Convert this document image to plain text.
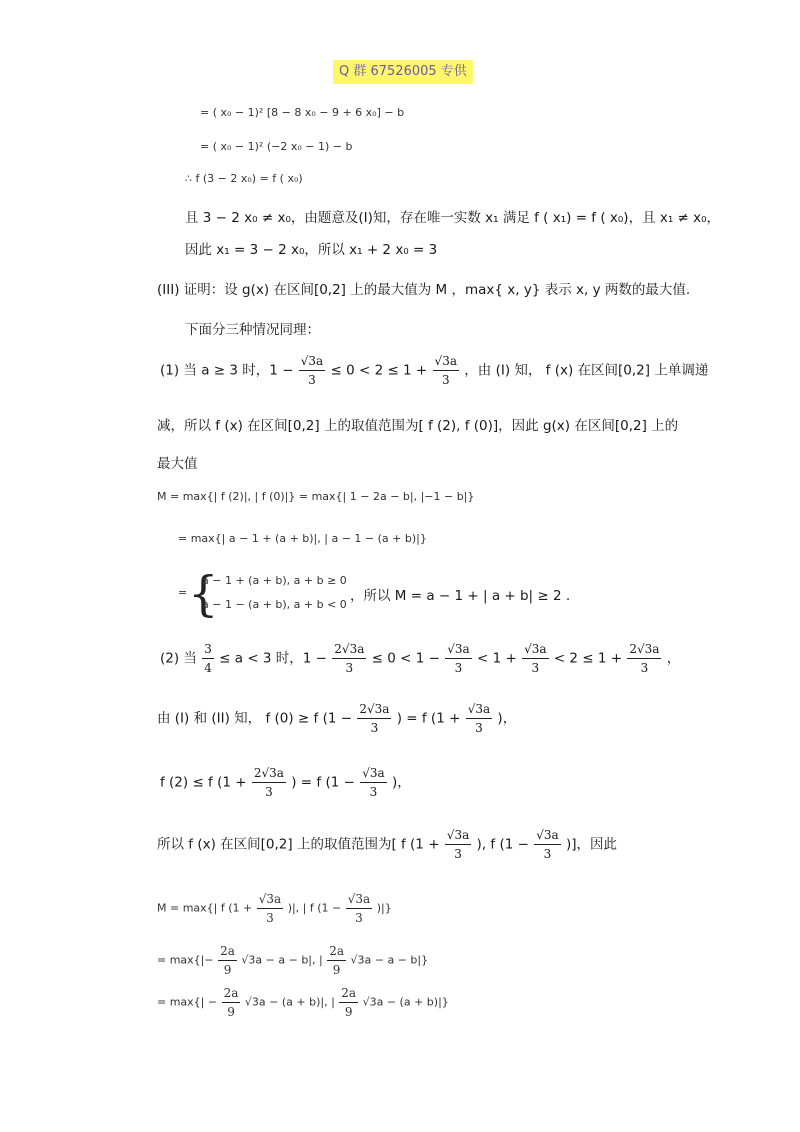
Q 群 67526005 专供
= ( x₀ − 1)² [8 − 8 x₀ − 9 + 6 x₀] − b
= ( x₀ − 1)² (−2 x₀ − 1) − b
∴ f (3 − 2 x₀) = f ( x₀)
且 3 − 2 x₀ ≠ x₀，由题意及(I)知，存在唯一实数 x₁ 满足 f ( x₁) = f ( x₀)，且 x₁ ≠ x₀，
因此 x₁ = 3 − 2 x₀，所以 x₁ + 2 x₀ = 3
(III) 证明：设 g(x) 在区间[0,2] 上的最大值为 M ，max{ x, y} 表示 x, y 两数的最大值.
下面分三种情况同理：
(1) 当 a ≥ 3 时，$1 - \frac{√3a}{3} \le 0 < 2 \le 1 + \frac{√3a}{3}$ ，由 (I) 知， f (x) 在区间[0,2] 上单调递
减，所以 f (x) 在区间[0,2] 上的取值范围为[ f (2), f (0)]，因此 g(x) 在区间[0,2] 上的
最大值
M = max{| f (2)|, | f (0)|} = max{| 1 − 2a − b|, |−1 − b|}
= max{| a − 1 + (a + b)|, | a − 1 − (a + b)|}
= {
a − 1 + (a + b), a + b ≥ 0
a − 1 − (a + b), a + b < 0
，所以 M = a − 1 + | a + b| ≥ 2 .
(2) 当 $\frac{3}{4} \le a < 3$ 时，$1 - \frac{2√3a}{3} \le 0 < 1 - \frac{√3a}{3} < 1 + \frac{√3a}{3} < 2 \le 1 + \frac{2√3a}{3}$ ，
由 (I) 和 (II) 知， f (0) ≥ f ($1 - \frac{2√3a}{3}$ ) = f ($1 + \frac{√3a}{3}$ )，
f (2) ≤ f ($1 + \frac{2√3a}{3}$ ) = f ($1 - \frac{√3a}{3}$ )，
所以 f (x) 在区间[0,2] 上的取值范围为[ f ($1 + \frac{√3a}{3}$ ), f ($1 - \frac{√3a}{3}$ )]，因此
M = max{| f ($1 + \frac{√3a}{3}$ )|, | f ($1 - \frac{√3a}{3}$ )|}
= $\max\{|- \frac{2a}{9} √3a - a - b|$, | $\frac{2a}{9} √3a - a - b|$}
= $\max\{| - \frac{2a}{9} √3a - (a + b)|$, | $\frac{2a}{9} √3a - (a + b)|$}
